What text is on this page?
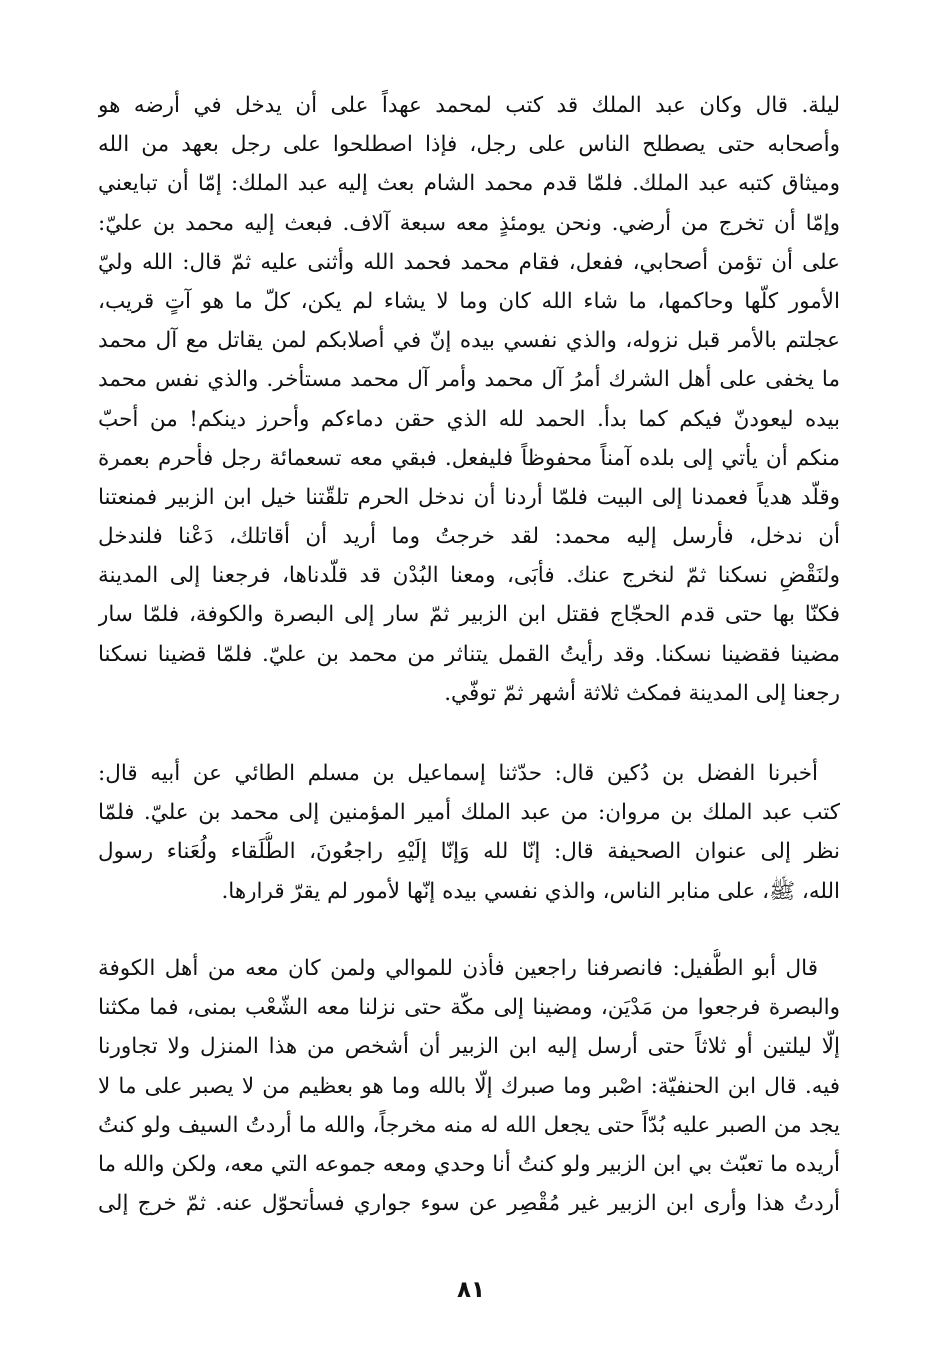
ليلة. قال وكان عبد الملك قد كتب لمحمد عهداً على أن يدخل في أرضه هو
وأصحابه حتى يصطلح الناس على رجل، فإذا اصطلحوا على رجل بعهد من الله
وميثاق كتبه عبد الملك. فلمّا قدم محمد الشام بعث إليه عبد الملك: إمّا أن تبايعني
وإمّا أن تخرج من أرضي. ونحن يومئذٍ معه سبعة آلاف. فبعث إليه محمد بن عليّ:
على أن تؤمن أصحابي، ففعل، فقام محمد فحمد الله وأثنى عليه ثمّ قال: الله وليّ
الأمور كلّها وحاكمها، ما شاء الله كان وما لا يشاء لم يكن، كلّ ما هو آتٍ قريب،
عجلتم بالأمر قبل نزوله، والذي نفسي بيده إنّ في أصلابكم لمن يقاتل مع آل محمد
ما يخفى على أهل الشرك أمرُ آل محمد وأمر آل محمد مستأخر. والذي نفس محمد
بيده ليعودنّ فيكم كما بدأ. الحمد لله الذي حقن دماءكم وأحرز دينكم! من أحبّ
منكم أن يأتي إلى بلده آمناً محفوظاً فليفعل. فبقي معه تسعمائة رجل فأحرم بعمرة
وقلّد هدياً فعمدنا إلى البيت فلمّا أردنا أن ندخل الحرم تلقّتنا خيل ابن الزبير فمنعتنا
أن ندخل، فأرسل إليه محمد: لقد خرجتُ وما أريد أن أقاتلك، دَعْنا فلندخل
ولنَقْضِ نسكنا ثمّ لنخرج عنك. فأبَى، ومعنا البُدْن قد قلّدناها، فرجعنا إلى المدينة
فكنّا بها حتى قدم الحجّاج فقتل ابن الزبير ثمّ سار إلى البصرة والكوفة، فلمّا سار
مضينا فقضينا نسكنا. وقد رأيتُ القمل يتناثر من محمد بن عليّ. فلمّا قضينا نسكنا
رجعنا إلى المدينة فمكث ثلاثة أشهر ثمّ توفّي.
أخبرنا الفضل بن دُكين قال: حدّثنا إسماعيل بن مسلم الطائي عن أبيه قال:
كتب عبد الملك بن مروان: من عبد الملك أمير المؤمنين إلى محمد بن عليّ. فلمّا
نظر إلى عنوان الصحيفة قال: إنّا لله وَإنّا إلَيْهِ راجعُونَ، الطُّلَقاء ولُعَناء رسول
الله، ﷺ، على منابر الناس، والذي نفسي بيده إنّها لأمور لم يقرّ قرارها.
قال أبو الطُّفيل: فانصرفنا راجعين فأذن للموالي ولمن كان معه من أهل الكوفة
والبصرة فرجعوا من مَدْيَن، ومضينا إلى مكّة حتى نزلنا معه الشّعْب بمنى، فما مكثنا
إلّا ليلتين أو ثلاثاً حتى أرسل إليه ابن الزبير أن أشخص من هذا المنزل ولا تجاورنا
فيه. قال ابن الحنفيّة: اصْبر وما صبرك إلّا بالله وما هو بعظيم من لا يصبر على ما لا
يجد من الصبر عليه بُدّاً حتى يجعل الله له منه مخرجاً، والله ما أردتُ السيف ولو كنتُ
أريده ما تعبّث بي ابن الزبير ولو كنتُ أنا وحدي ومعه جموعه التي معه، ولكن والله ما
أردتُ هذا وأرى ابن الزبير غير مُقْصِر عن سوء جواري فسأتحوّل عنه. ثمّ خرج إلى
٨١
